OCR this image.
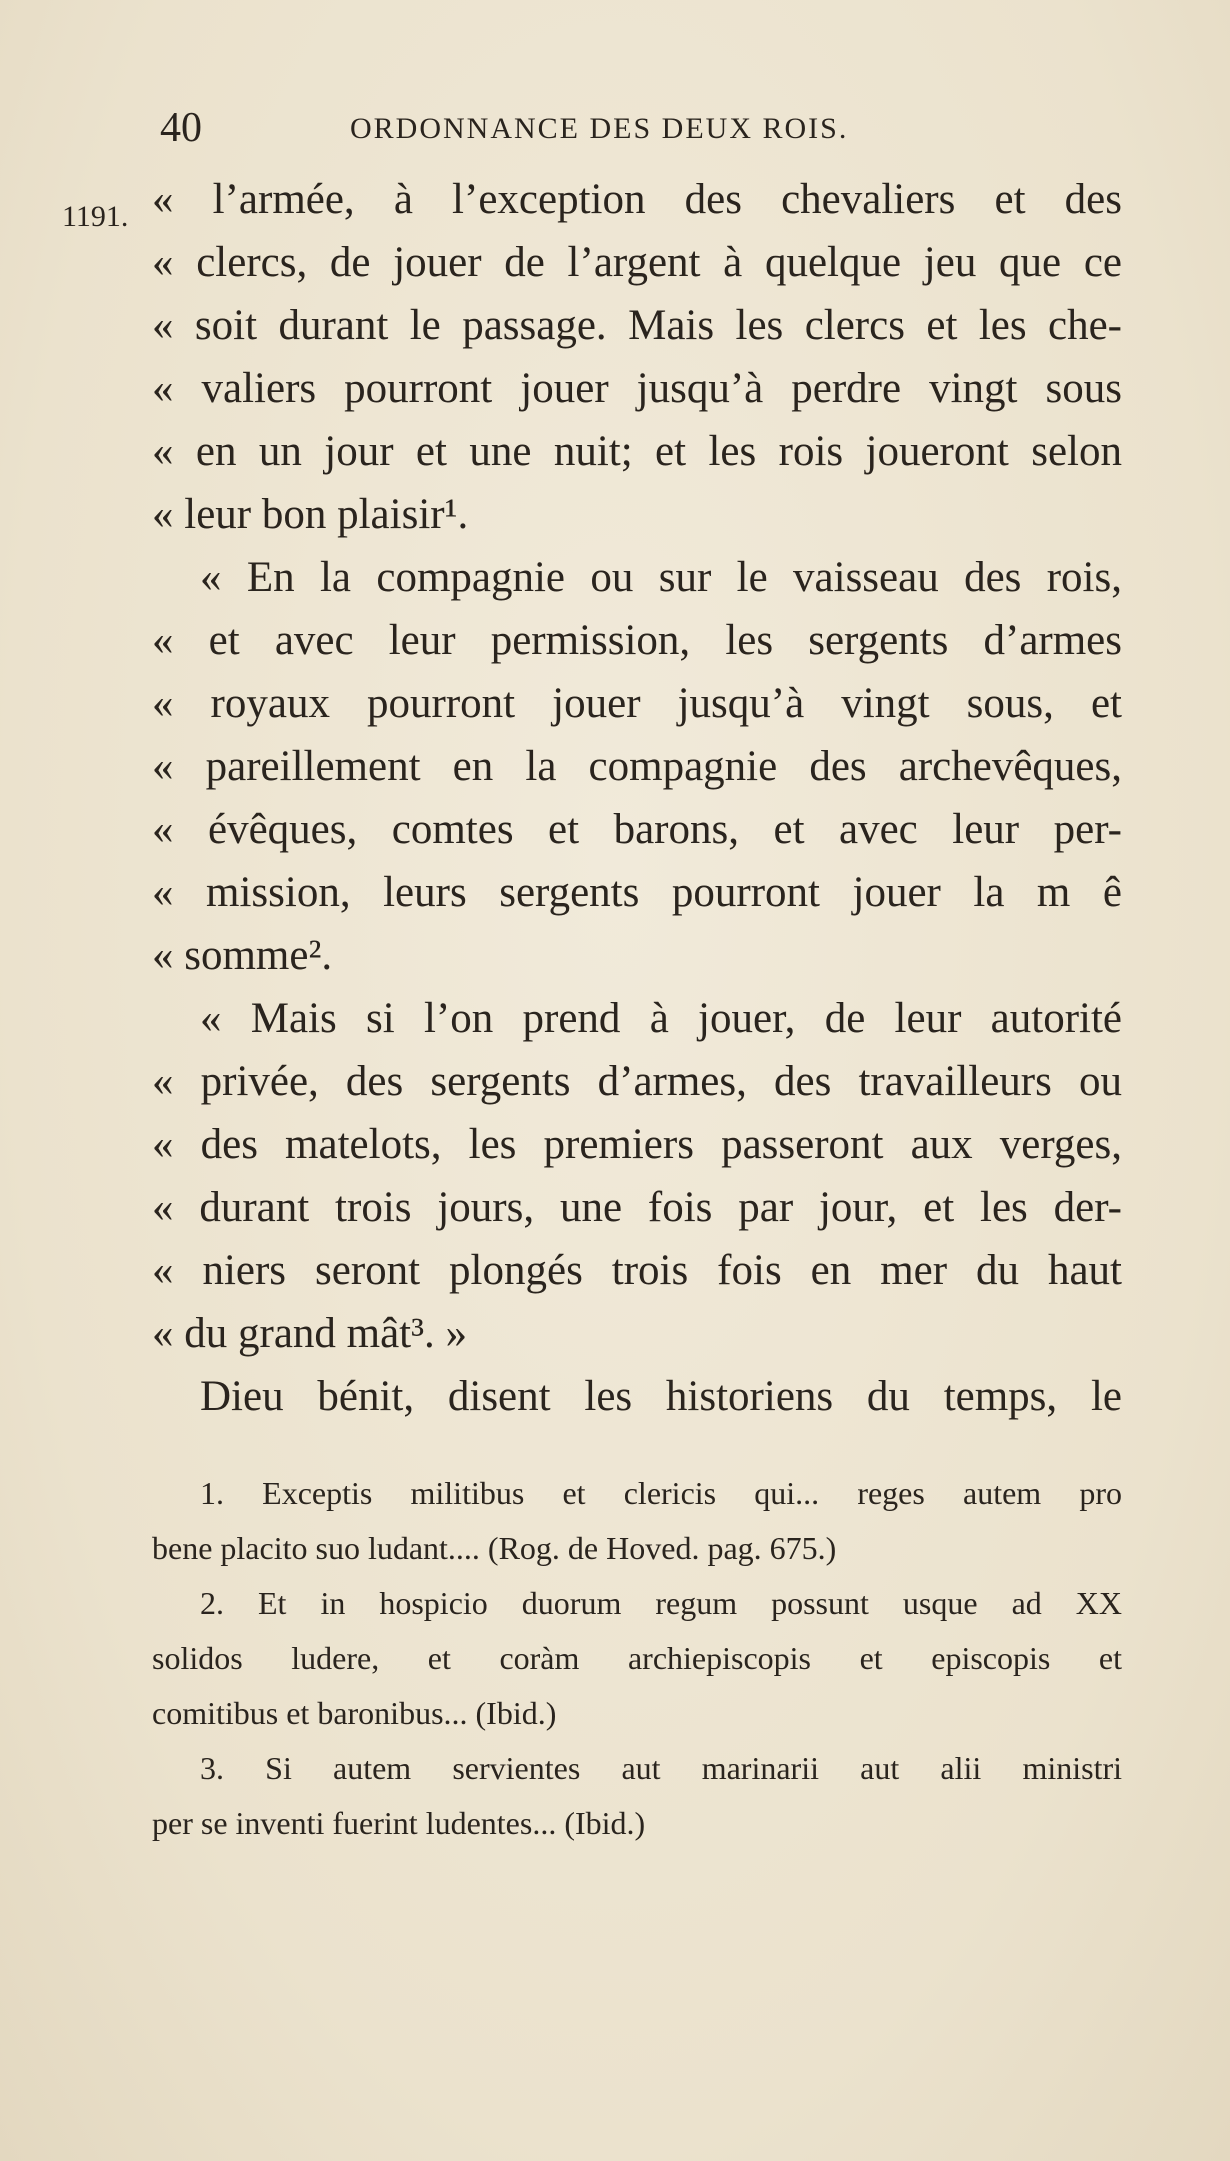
40	ORDONNANCE DES DEUX ROIS.
1191. « l’armée, à l’exception des chevaliers et des
« clercs, de jouer de l’argent à quelque jeu que ce
« soit durant le passage. Mais les clercs et les che-
« valiers pourront jouer jusqu’à perdre vingt sous
« en un jour et une nuit; et les rois joueront selon
« leur bon plaisir¹.
« En la compagnie ou sur le vaisseau des rois,
« et avec leur permission, les sergents d’armes
« royaux pourront jouer jusqu’à vingt sous, et
« pareillement en la compagnie des archevêques,
« évêques, comtes et barons, et avec leur per-
« mission, leurs sergents pourront jouer la m ê
« somme².
« Mais si l’on prend à jouer, de leur autorité
« privée, des sergents d’armes, des travailleurs ou
« des matelots, les premiers passeront aux verges,
« durant trois jours, une fois par jour, et les der-
« niers seront plongés trois fois en mer du haut
« du grand mât³. »
Dieu bénit, disent les historiens du temps, le
1. Exceptis militibus et clericis qui... reges autem pro
bene placito suo ludant.... (Rog. de Hoved. pag. 675.)
2. Et in hospicio duorum regum possunt usque ad XX
solidos ludere, et coràm archiepiscopis et episcopis et
comitibus et baronibus... (Ibid.)
3. Si autem servientes aut marinarii aut alii ministri
per se inventi fuerint ludentes... (Ibid.)
